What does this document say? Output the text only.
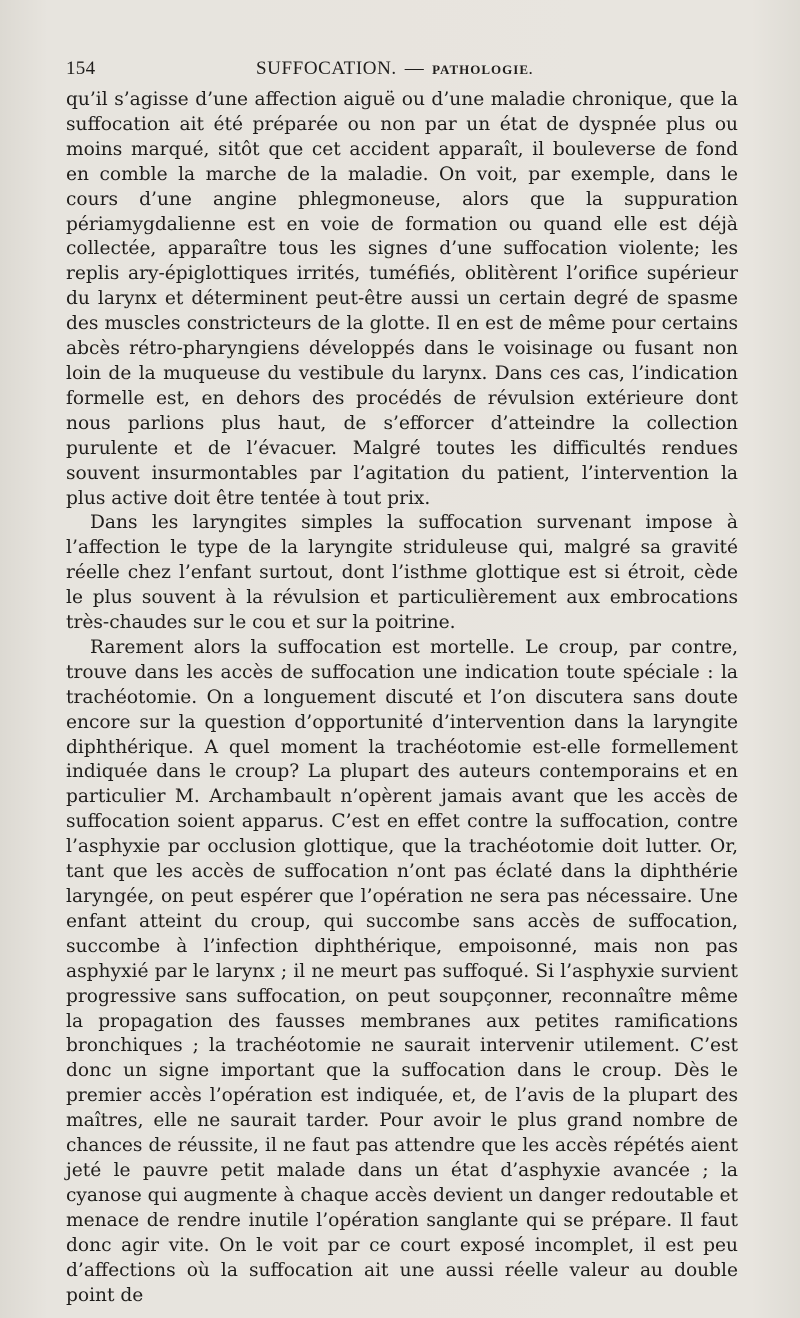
154	SUFFOCATION. — PATHOLOGIE.

qu’il s’agisse d’une affection aiguë ou d’une maladie chronique, que la suffocation ait été préparée ou non par un état de dyspnée plus ou moins marqué, sitôt que cet accident apparaît, il bouleverse de fond en comble la marche de la maladie. On voit, par exemple, dans le cours d’une angine phlegmoneuse, alors que la suppuration périamygdalienne est en voie de formation ou quand elle est déjà collectée, apparaître tous les signes d’une suffocation violente; les replis ary-épiglottiques irrités, tuméfiés, oblitèrent l’orifice supérieur du larynx et déterminent peut-être aussi un certain degré de spasme des muscles constricteurs de la glotte. Il en est de même pour certains abcès rétro-pharyngiens développés dans le voisinage ou fusant non loin de la muqueuse du vestibule du larynx. Dans ces cas, l’indication formelle est, en dehors des procédés de révulsion extérieure dont nous parlions plus haut, de s’efforcer d’atteindre la collection purulente et de l’évacuer. Malgré toutes les difficultés rendues souvent insurmontables par l’agitation du patient, l’intervention la plus active doit être tentée à tout prix.

Dans les laryngites simples la suffocation survenant impose à l’affection le type de la laryngite striduleuse qui, malgré sa gravité réelle chez l’enfant surtout, dont l’isthme glottique est si étroit, cède le plus souvent à la révulsion et particulièrement aux embrocations très-chaudes sur le cou et sur la poitrine.

Rarement alors la suffocation est mortelle. Le croup, par contre, trouve dans les accès de suffocation une indication toute spéciale : la trachéotomie. On a longuement discuté et l’on discutera sans doute encore sur la question d’opportunité d’intervention dans la laryngite diphthérique. A quel moment la trachéotomie est-elle formellement indiquée dans le croup? La plupart des auteurs contemporains et en particulier M. Archambault n’opèrent jamais avant que les accès de suffocation soient apparus. C’est en effet contre la suffocation, contre l’asphyxie par occlusion glottique, que la trachéotomie doit lutter. Or, tant que les accès de suffocation n’ont pas éclaté dans la diphthérie laryngée, on peut espérer que l’opération ne sera pas nécessaire. Une enfant atteint du croup, qui succombe sans accès de suffocation, succombe à l’infection diphthérique, empoisonné, mais non pas asphyxié par le larynx ; il ne meurt pas suffoqué. Si l’asphyxie survient progressive sans suffocation, on peut soupçonner, reconnaître même la propagation des fausses membranes aux petites ramifications bronchiques ; la trachéotomie ne saurait intervenir utilement. C’est donc un signe important que la suffocation dans le croup. Dès le premier accès l’opération est indiquée, et, de l’avis de la plupart des maîtres, elle ne saurait tarder. Pour avoir le plus grand nombre de chances de réussite, il ne faut pas attendre que les accès répétés aient jeté le pauvre petit malade dans un état d’asphyxie avancée ; la cyanose qui augmente à chaque accès devient un danger redoutable et menace de rendre inutile l’opération sanglante qui se prépare. Il faut donc agir vite. On le voit par ce court exposé incomplet, il est peu d’affections où la suffocation ait une aussi réelle valeur au double point de
